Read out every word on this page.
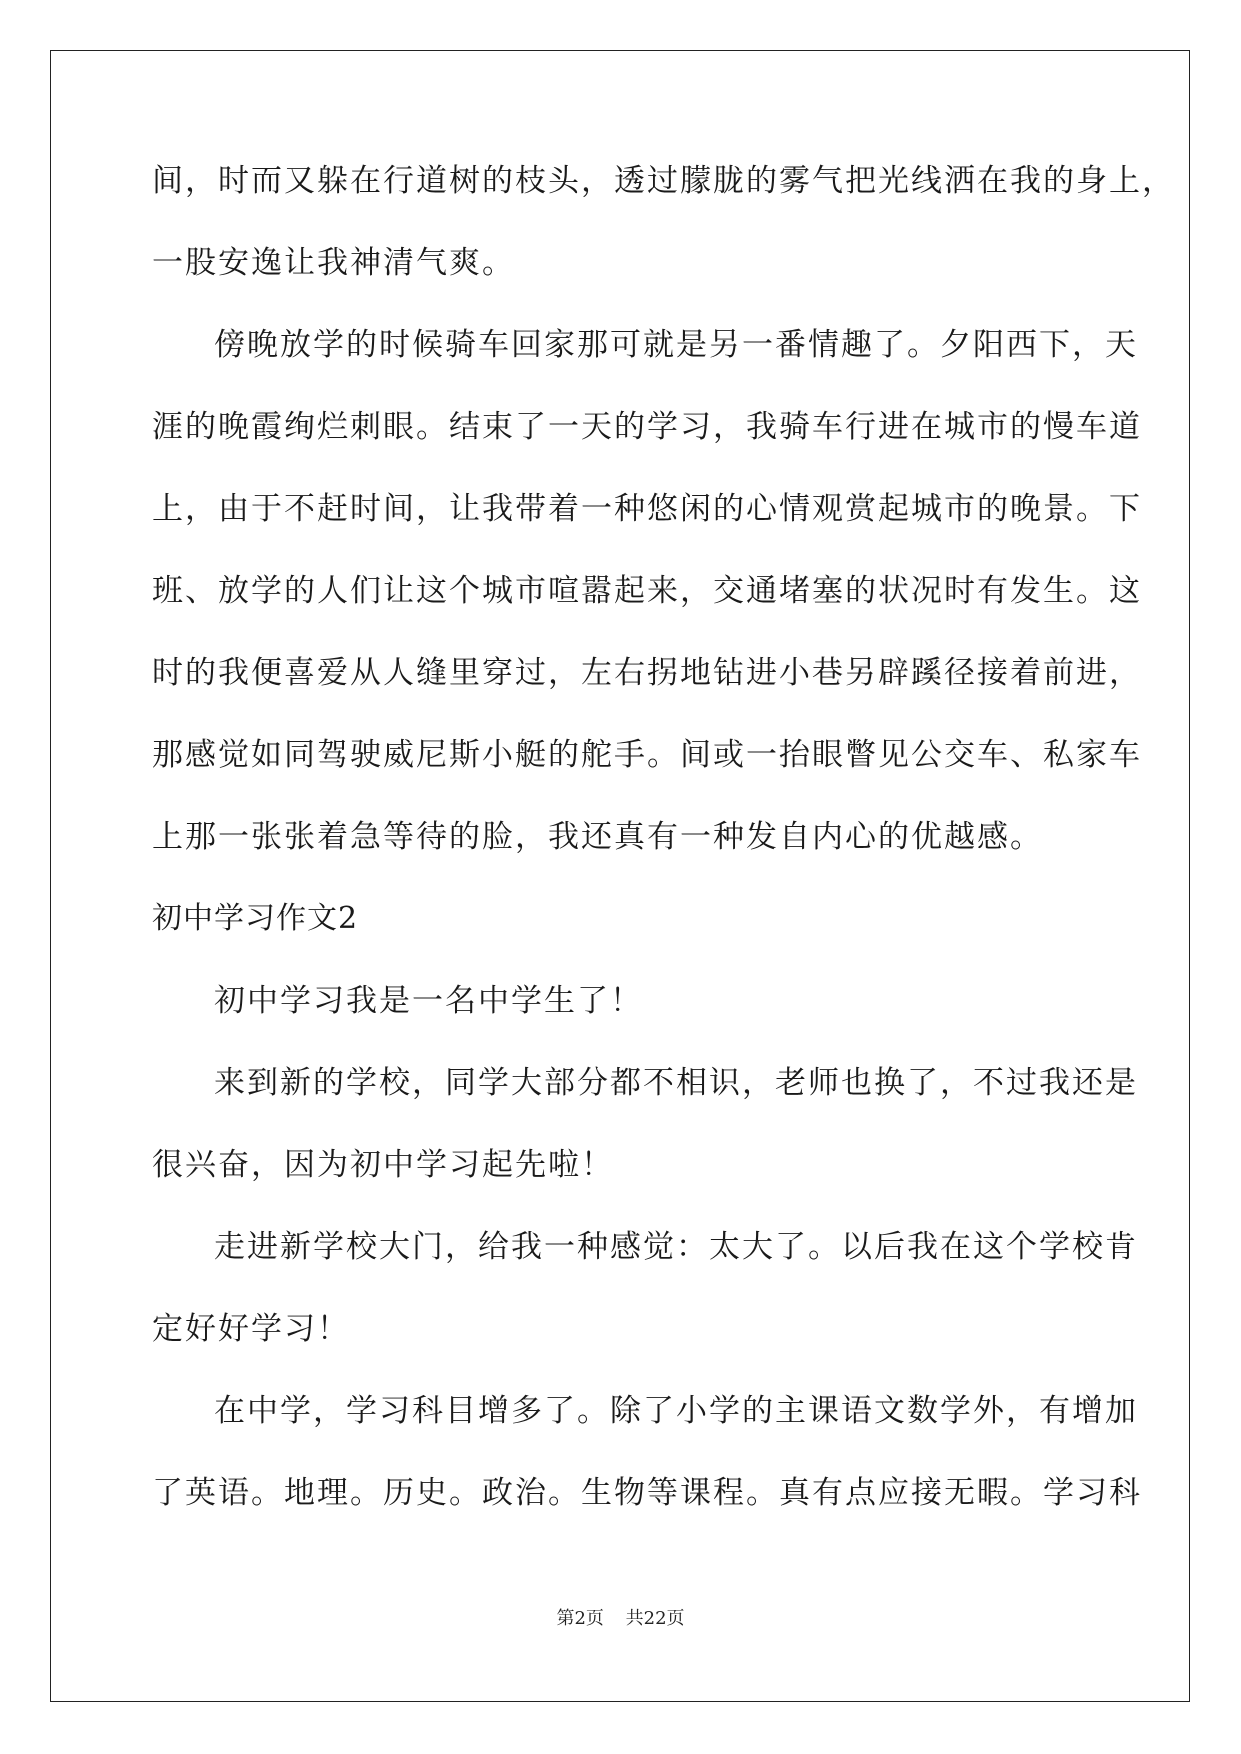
间，时而又躲在行道树的枝头，透过朦胧的雾气把光线洒在我的身上，
一股安逸让我神清气爽。
傍晚放学的时候骑车回家那可就是另一番情趣了。夕阳西下，天
涯的晚霞绚烂刺眼。结束了一天的学习，我骑车行进在城市的慢车道
上，由于不赶时间，让我带着一种悠闲的心情观赏起城市的晚景。下
班、放学的人们让这个城市喧嚣起来，交通堵塞的状况时有发生。这
时的我便喜爱从人缝里穿过，左右拐地钻进小巷另辟蹊径接着前进，
那感觉如同驾驶威尼斯小艇的舵手。间或一抬眼瞥见公交车、私家车
上那一张张着急等待的脸，我还真有一种发自内心的优越感。
初中学习作文2
初中学习我是一名中学生了！
来到新的学校，同学大部分都不相识，老师也换了，不过我还是
很兴奋，因为初中学习起先啦！
走进新学校大门，给我一种感觉：太大了。以后我在这个学校肯
定好好学习！
在中学，学习科目增多了。除了小学的主课语文数学外，有增加
了英语。地理。历史。政治。生物等课程。真有点应接无暇。学习科
第2页 共22页
